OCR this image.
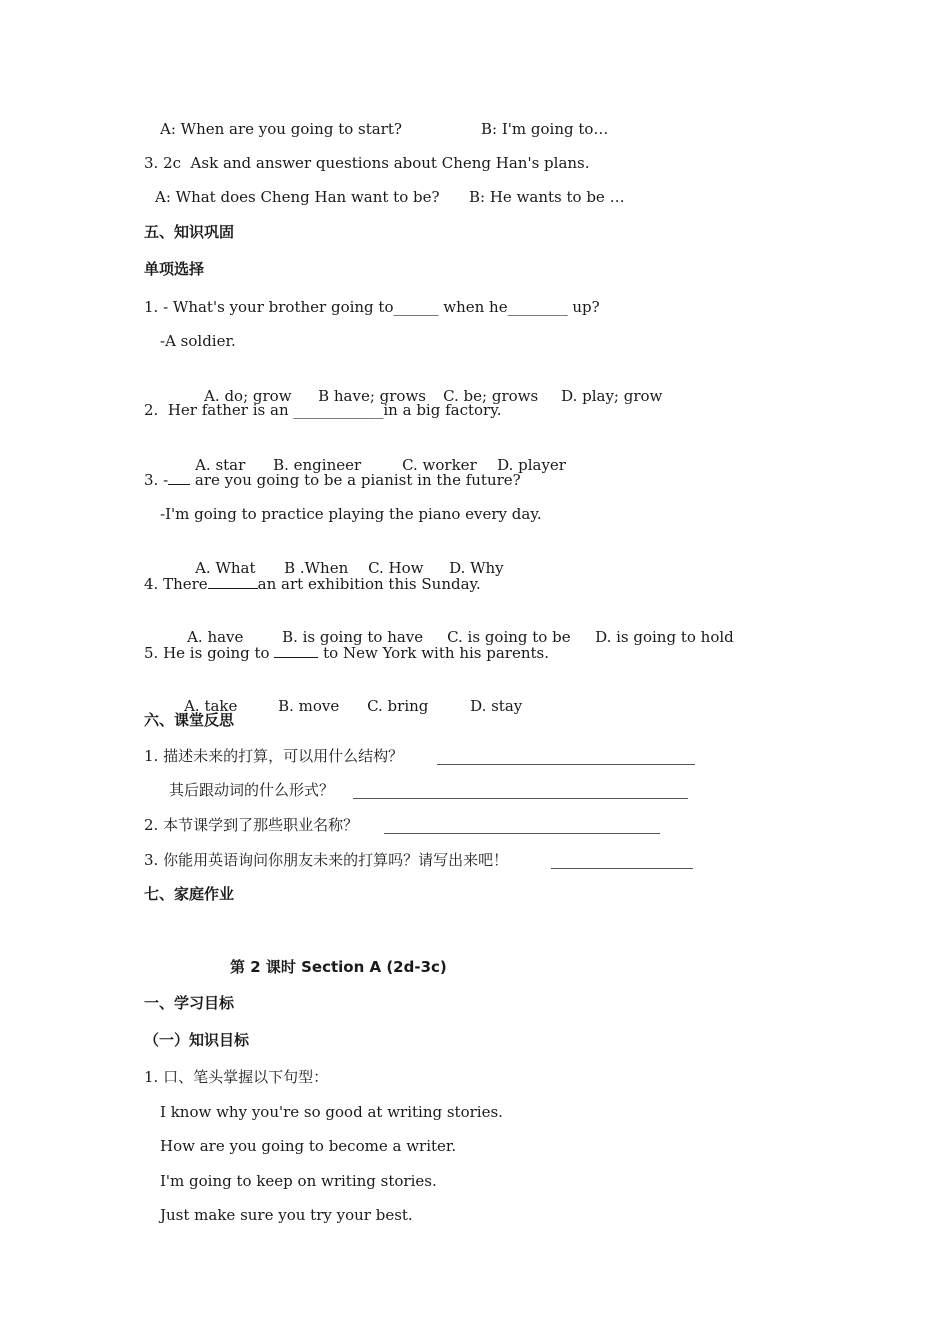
A: When are you going to start?	B: I'm going to…
3. 2c  Ask and answer questions about Cheng Han's plans.
A: What does Cheng Han want to be? B: He wants to be …
五、知识巩固
单项选择
1. - What's your brother going to______ when he________ up?
-A soldier.

A. do; grow B have; grows C. be; grows D. play; grow

2.  Her father is an ____________in a big factory.

A. star B. engineer	C. worker D. player

3. - are you going to be a pianist in the future?
-I'm going to practice playing the piano every day.

A. What B .When C. How D. Why

4. There	an art exhibition this Sunday.

A. have	B. is going to have C. is going to be D. is going to hold

5. He is going to	to New York with his parents.

A. take	B. move C. bring	D. stay

六、课堂反思
1. 描述未来的打算，可以用什么结构？
其后跟动词的什么形式？
2. 本节课学到了那些职业名称？
3. 你能用英语询问你朋友未来的打算吗？请写出来吧！
七、家庭作业
第 2 课时 Section A (2d-3c)
一、学习目标
（一）知识目标
1. 口、笔头掌握以下句型：
I know why you're so good at writing stories.
How are you going to become a writer.
I'm going to keep on writing stories.
Just make sure you try your best.
